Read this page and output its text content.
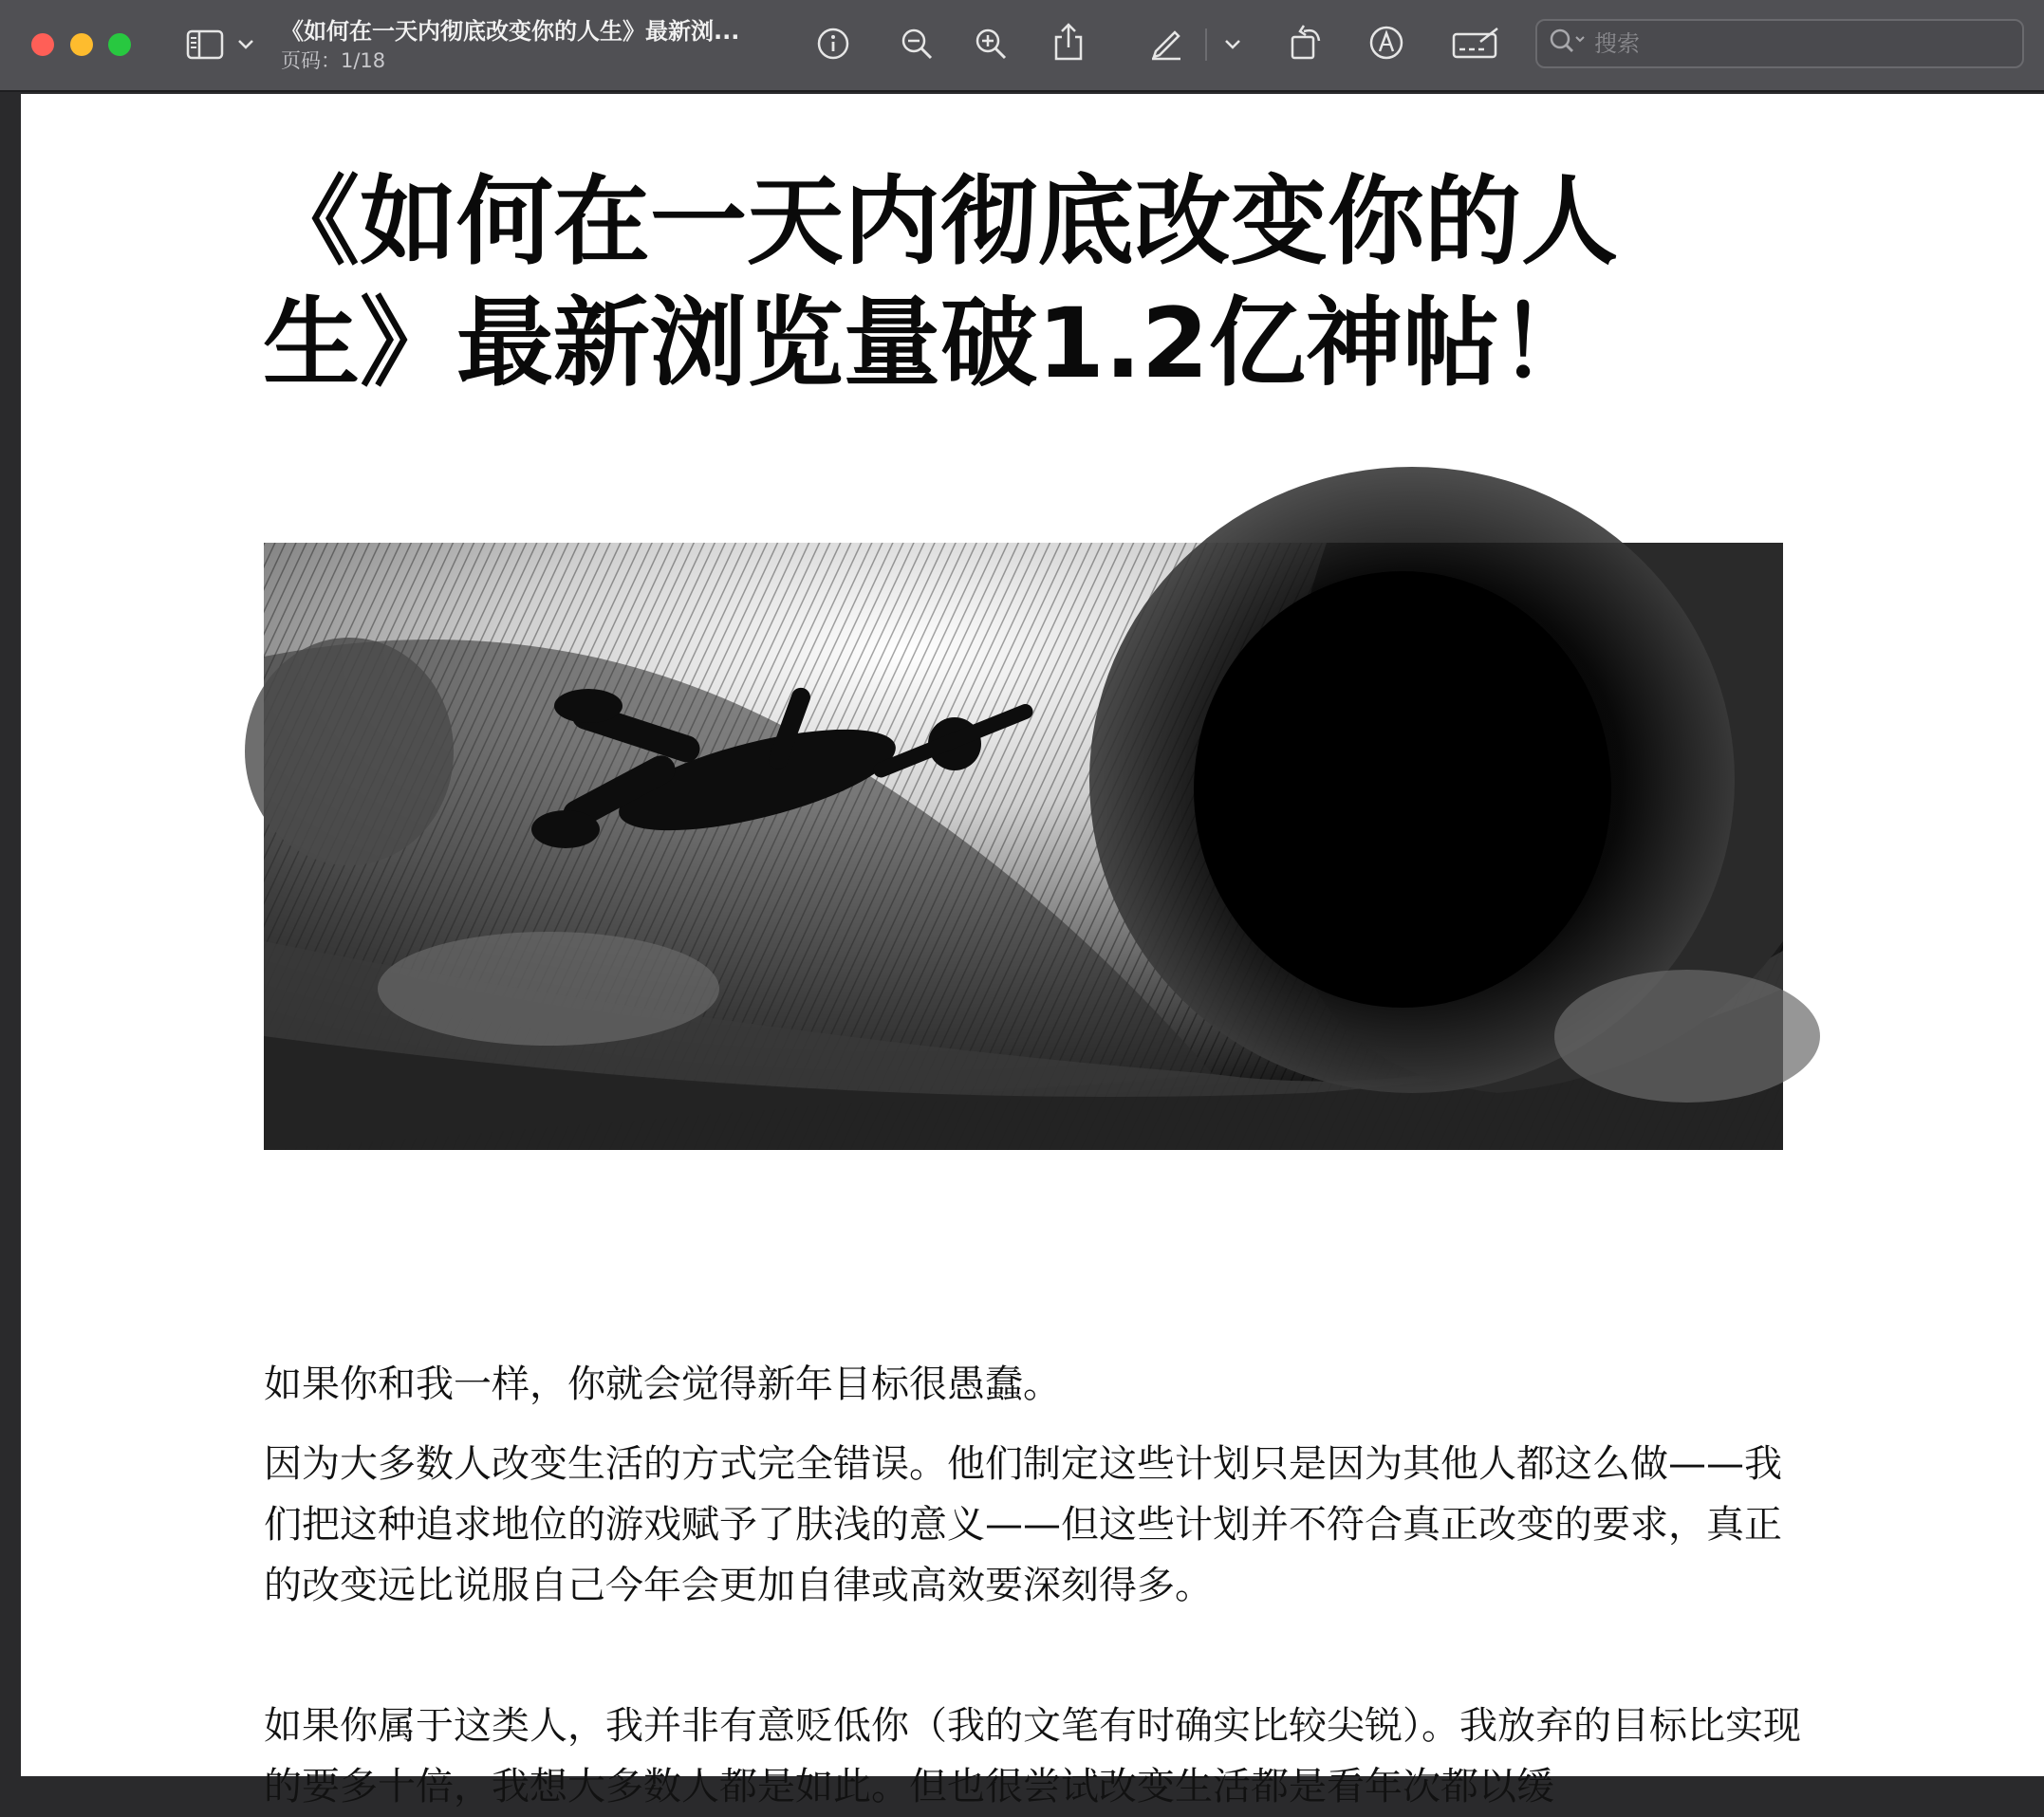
《如何在一天内彻底改变你的人生》最新浏...
页码：1/18
搜索
《如何在一天内彻底改变你的人
生》最新浏览量破1.2亿神帖！

如果你和我一样，你就会觉得新年目标很愚蠢。

因为大多数人改变生活的方式完全错误。他们制定这些计划只是因为其他人都这么做——我们把这种追求地位的游戏赋予了肤浅的意义——但这些计划并不符合真正改变的要求，真正的改变远比说服自己今年会更加自律或高效要深刻得多。

如果你属于这类人，我并非有意贬低你（我的文笔有时确实比较尖锐）。我放弃的目标比实现的要多十倍，我想大多数人都是如此。但也很尝试改变生活都是看年次都以缓
